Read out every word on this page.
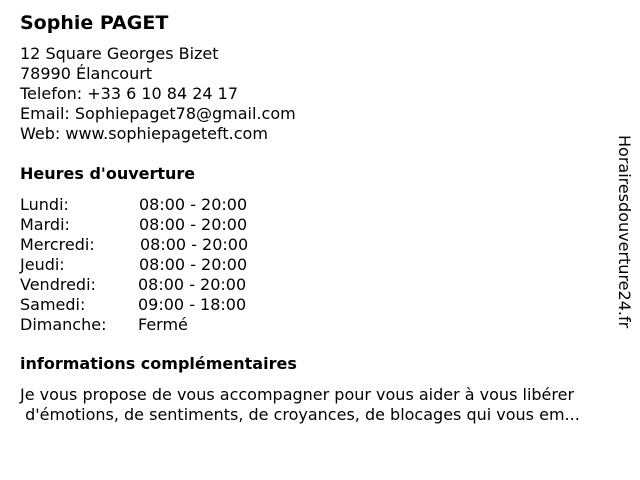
Sophie PAGET
12 Square Georges Bizet
78990 Élancourt
Telefon: +33 6 10 84 24 17
Email: Sophiepaget78@gmail.com
Web: www.sophiepageteft.com
Heures d'ouverture
Lundi:	08:00 - 20:00
Mardi:	08:00 - 20:00
Mercredi:	08:00 - 20:00
Jeudi:	08:00 - 20:00
Vendredi:	08:00 - 20:00
Samedi:	09:00 - 18:00
Dimanche: Fermé
informations complémentaires
Je vous propose de vous accompagner pour vous aider à vous libérer
d'émotions, de sentiments, de croyances, de blocages qui vous em...
Horairesdouverture24.fr
